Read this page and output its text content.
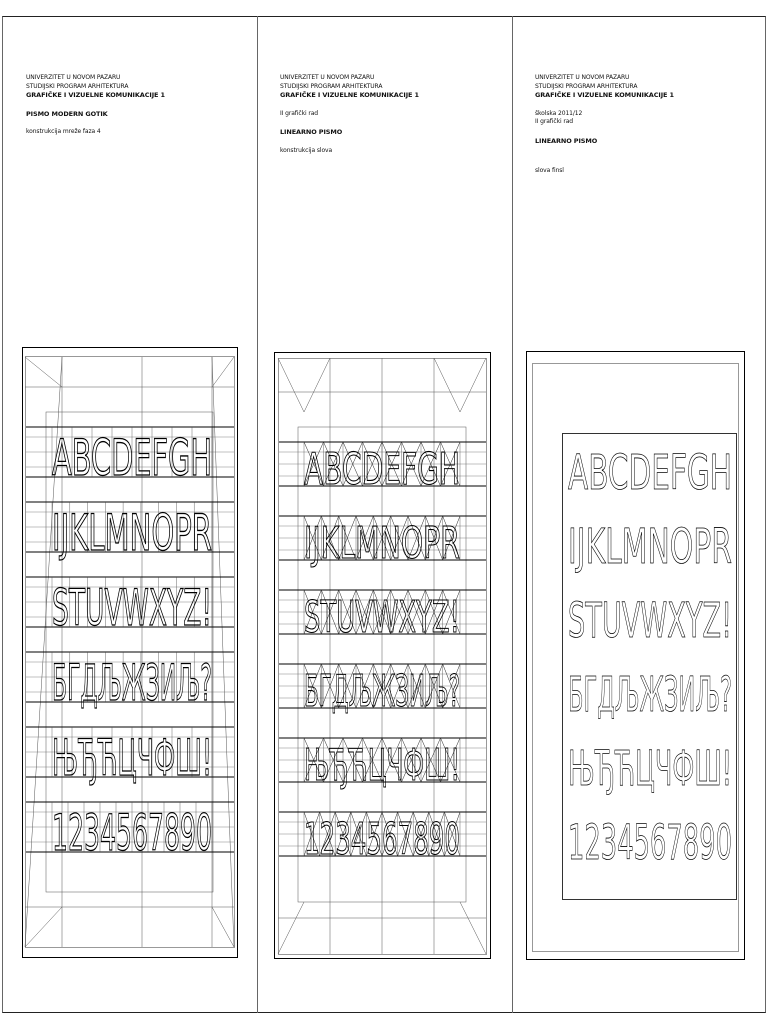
UNIVERZITET U NOVOM PAZARU
STUDIJSKI PROGRAM ARHITEKTURA
GRAFIČKE I VIZUELNE KOMUNIKACIJE 1
PISMO MODERN GOTIK
konstrukcija mreže faza 4
ABCDEFGH
IJKLMNOPR
STUVWXYZ!
БГДЉЖЗИЉ?
ЊЂЋЦЧФШ!
1234567890
UNIVERZITET U NOVOM PAZARU
STUDIJSKI PROGRAM ARHITEKTURA
GRAFIČKE I VIZUELNE KOMUNIKACIJE 1
II grafički rad
LINEARNO PISMO
konstrukcija slova
ABCDEFGH
IJKLMNOPR
STUVWXYZ!
БГДЉЖЗИЉ?
ЊЂЋЦЧФШ!
1234567890
UNIVERZITET U NOVOM PAZARU
STUDIJSKI PROGRAM ARHITEKTURA
GRAFIČKE I VIZUELNE KOMUNIKACIJE 1
školska 2011/12
II grafički rad
LINEARNO PISMO
slova finsl
ABCDEFGH
IJKLMNOPR
STUVWXYZ!
БГДЉЖЗИЉ?
ЊЂЋЦЧФШ!
1234567890
